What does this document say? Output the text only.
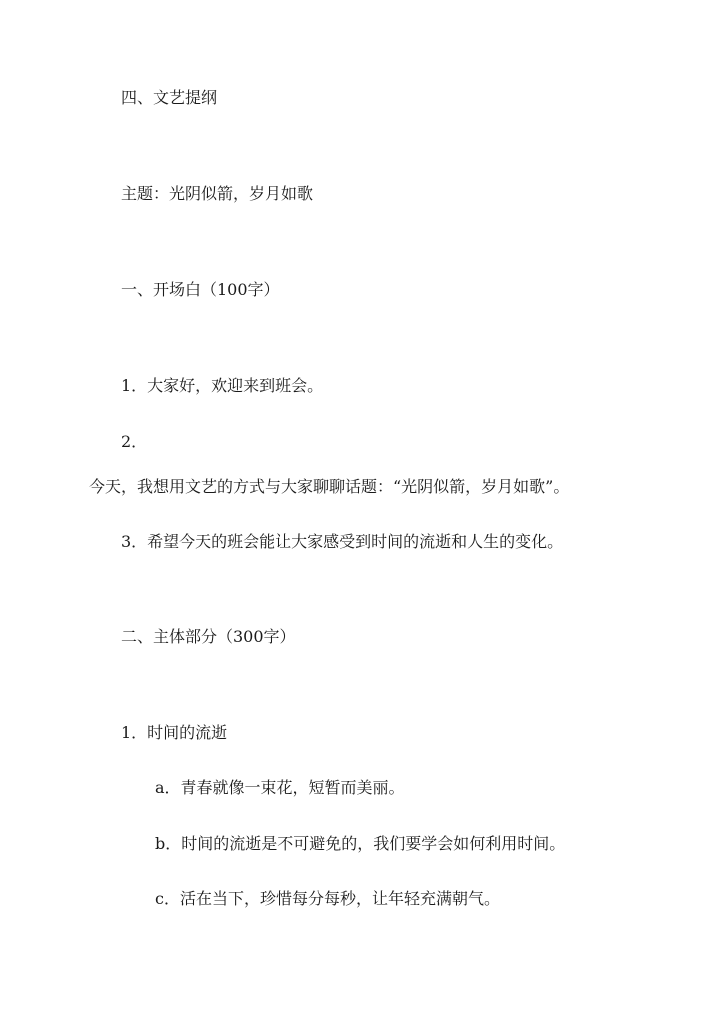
四、文艺提纲
主题：光阴似箭，岁月如歌
一、开场白（100字）
1．大家好，欢迎来到班会。
2．
今天，我想用文艺的方式与大家聊聊话题：“光阴似箭，岁月如歌”。
3．希望今天的班会能让大家感受到时间的流逝和人生的变化。
二、主体部分（300字）
1．时间的流逝
a．青春就像一束花，短暂而美丽。
b．时间的流逝是不可避免的，我们要学会如何利用时间。
c．活在当下，珍惜每分每秒，让年轻充满朝气。
